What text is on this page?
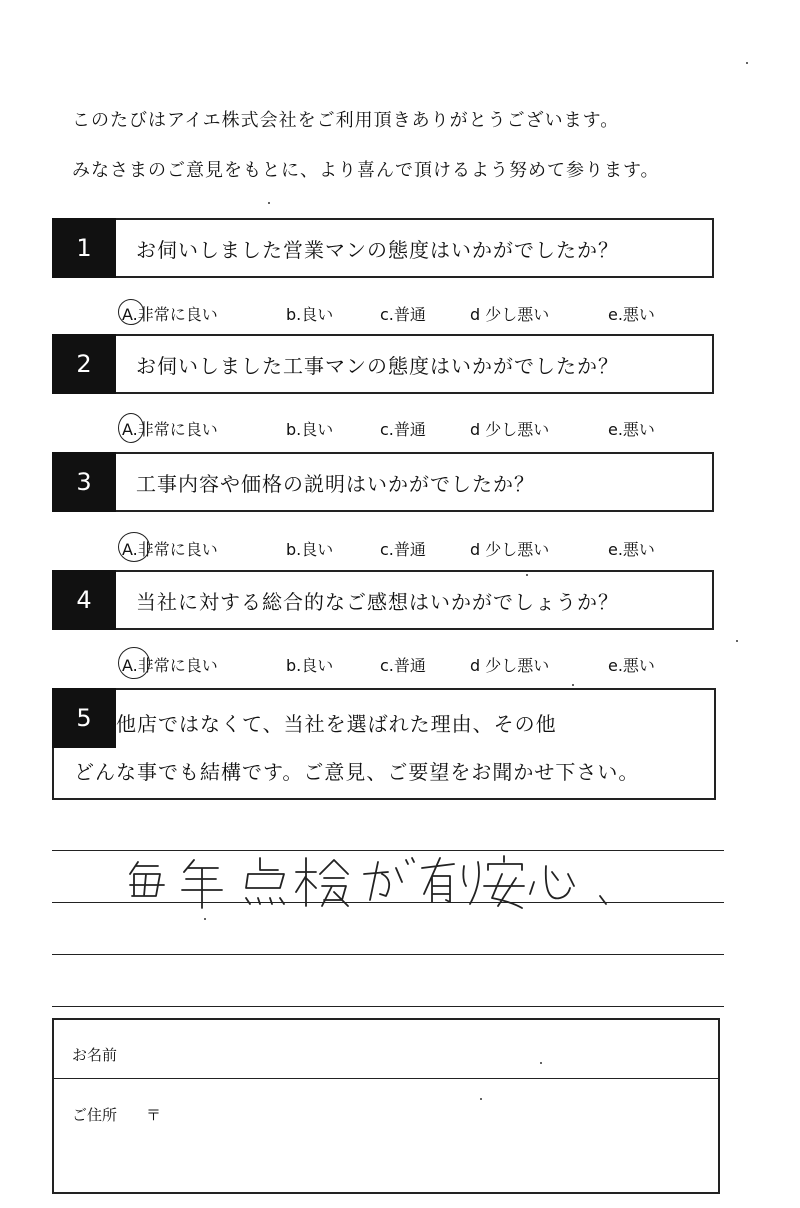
このたびはアイエ株式会社をご利用頂きありがとうございます。
みなさまのご意見をもとに、より喜んで頂けるよう努めて参ります。
1	お伺いしました営業マンの態度はいかがでしたか？
A.非常に良い	b.良い	c.普通	d 少し悪い	e.悪い
2	お伺いしました工事マンの態度はいかがでしたか？
A.非常に良い	b.良い	c.普通	d 少し悪い	e.悪い
3	工事内容や価格の説明はいかがでしたか？
A.非常に良い	b.良い	c.普通	d 少し悪い	e.悪い
4	当社に対する総合的なご感想はいかがでしょうか？
A.非常に良い	b.良い	c.普通	d 少し悪い	e.悪い
5	他店ではなくて、当社を選ばれた理由、その他
どんな事でも結構です。ご意見、ご要望をお聞かせ下さい。
お名前
ご住所 〒
